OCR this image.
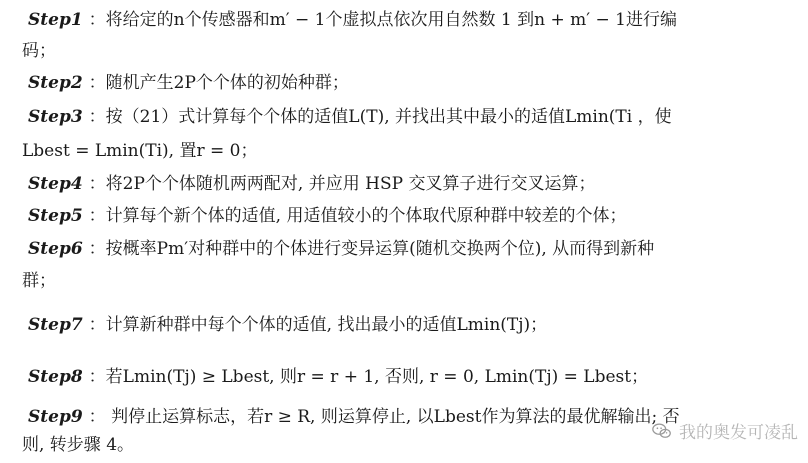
Step1 ：将给定的n个传感器和m′ − 1个虚拟点依次用自然数 1 到n + m′ − 1进行编
码；
Step2 ：随机产生2P个个体的初始种群；
Step3 ：按（21）式计算每个个体的适值L(T), 并找出其中最小的适值Lmin(Ti ，使
Lbest = Lmin(Ti), 置r = 0；
Step4 ：将2P个个体随机两两配对, 并应用 HSP 交叉算子进行交叉运算；
Step5 ：计算每个新个体的适值, 用适值较小的个体取代原种群中较差的个体；
Step6 ：按概率Pm′对种群中的个体进行变异运算(随机交换两个位), 从而得到新种
群；
Step7 ：计算新种群中每个个体的适值, 找出最小的适值Lmin(Tj)；
Step8 ：若Lmin(Tj) ≥ Lbest, 则r = r + 1, 否则, r = 0, Lmin(Tj) = Lbest；
Step9 ： 判停止运算标志，若r ≥ R, 则运算停止, 以Lbest作为算法的最优解输出; 否
则, 转步骤 4。
我的奥发可凌乱
